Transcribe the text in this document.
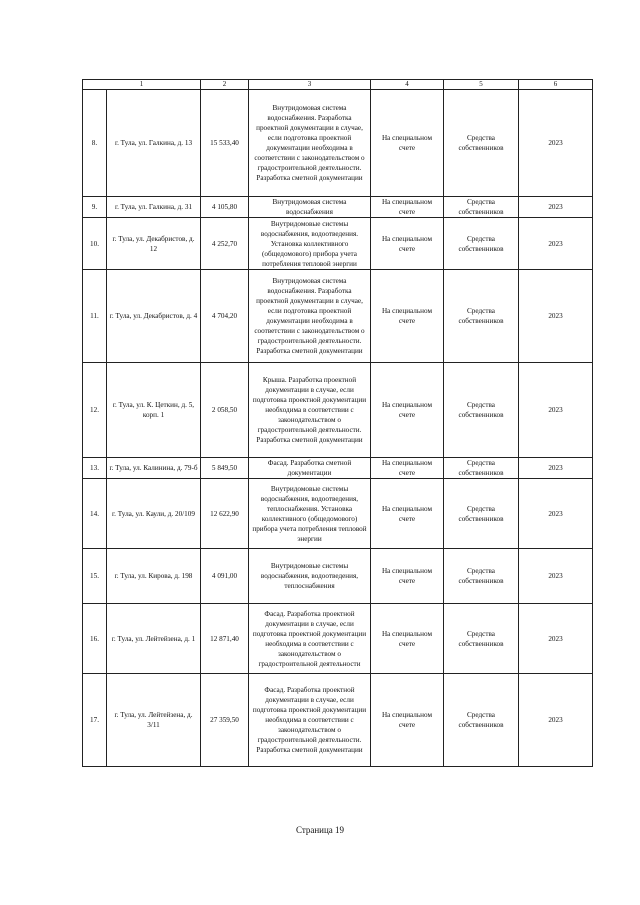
1		2	3	4	5	6
8.	г. Тула, ул. Галкина, д. 13	15 533,40	Внутридомовая система водоснабжения. Разработка проектной документации в случае, если подготовка проектной документации необходима в соответствии с законодательством о градостроительной деятельности. Разработка сметной документации	На специальном счете	Средства собственников	2023
9.	г. Тула, ул. Галкина, д. 31	4 105,80	Внутридомовая система водоснабжения	На специальном счете	Средства собственников	2023
10.	г. Тула, ул. Декабристов, д. 12	4 252,70	Внутридомовые системы водоснабжения, водоотведения. Установка коллективного (общедомового) прибора учета потребления тепловой энергии	На специальном счете	Средства собственников	2023
11.	г. Тула, ул. Декабристов, д. 4	4 704,20	Внутридомовая система водоснабжения. Разработка проектной документации в случае, если подготовка проектной документации необходима в соответствии с законодательством о градостроительной деятельности. Разработка сметной документации	На специальном счете	Средства собственников	2023
12.	г. Тула, ул. К. Цеткин, д. 5, корп. 1	2 058,50	Крыша. Разработка проектной документации в случае, если подготовка проектной документации необходима в соответствии с законодательством о градостроительной деятельности. Разработка сметной документации	На специальном счете	Средства собственников	2023
13.	г. Тула, ул. Калинина, д. 79-б	5 849,50	Фасад. Разработка сметной документации	На специальном счете	Средства собственников	2023
14.	г. Тула, ул. Каули, д. 20/109	12 622,90	Внутридомовые системы водоснабжения, водоотведения, теплоснабжения. Установка коллективного (общедомового) прибора учета потребления тепловой энергии	На специальном счете	Средства собственников	2023
15.	г. Тула, ул. Кирова, д. 198	4 091,00	Внутридомовые системы водоснабжения, водоотведения, теплоснабжения	На специальном счете	Средства собственников	2023
16.	г. Тула, ул. Лейтейзена, д. 1	12 871,40	Фасад. Разработка проектной документации в случае, если подготовка проектной документации необходима в соответствии с законодательством о градостроительной деятельности	На специальном счете	Средства собственников	2023
17.	г. Тула, ул. Лейтейзена, д. 3/11	27 359,50	Фасад. Разработка проектной документации в случае, если подготовка проектной документации необходима в соответствии с законодательством о градостроительной деятельности. Разработка сметной документации	На специальном счете	Средства собственников	2023
Страница 19
